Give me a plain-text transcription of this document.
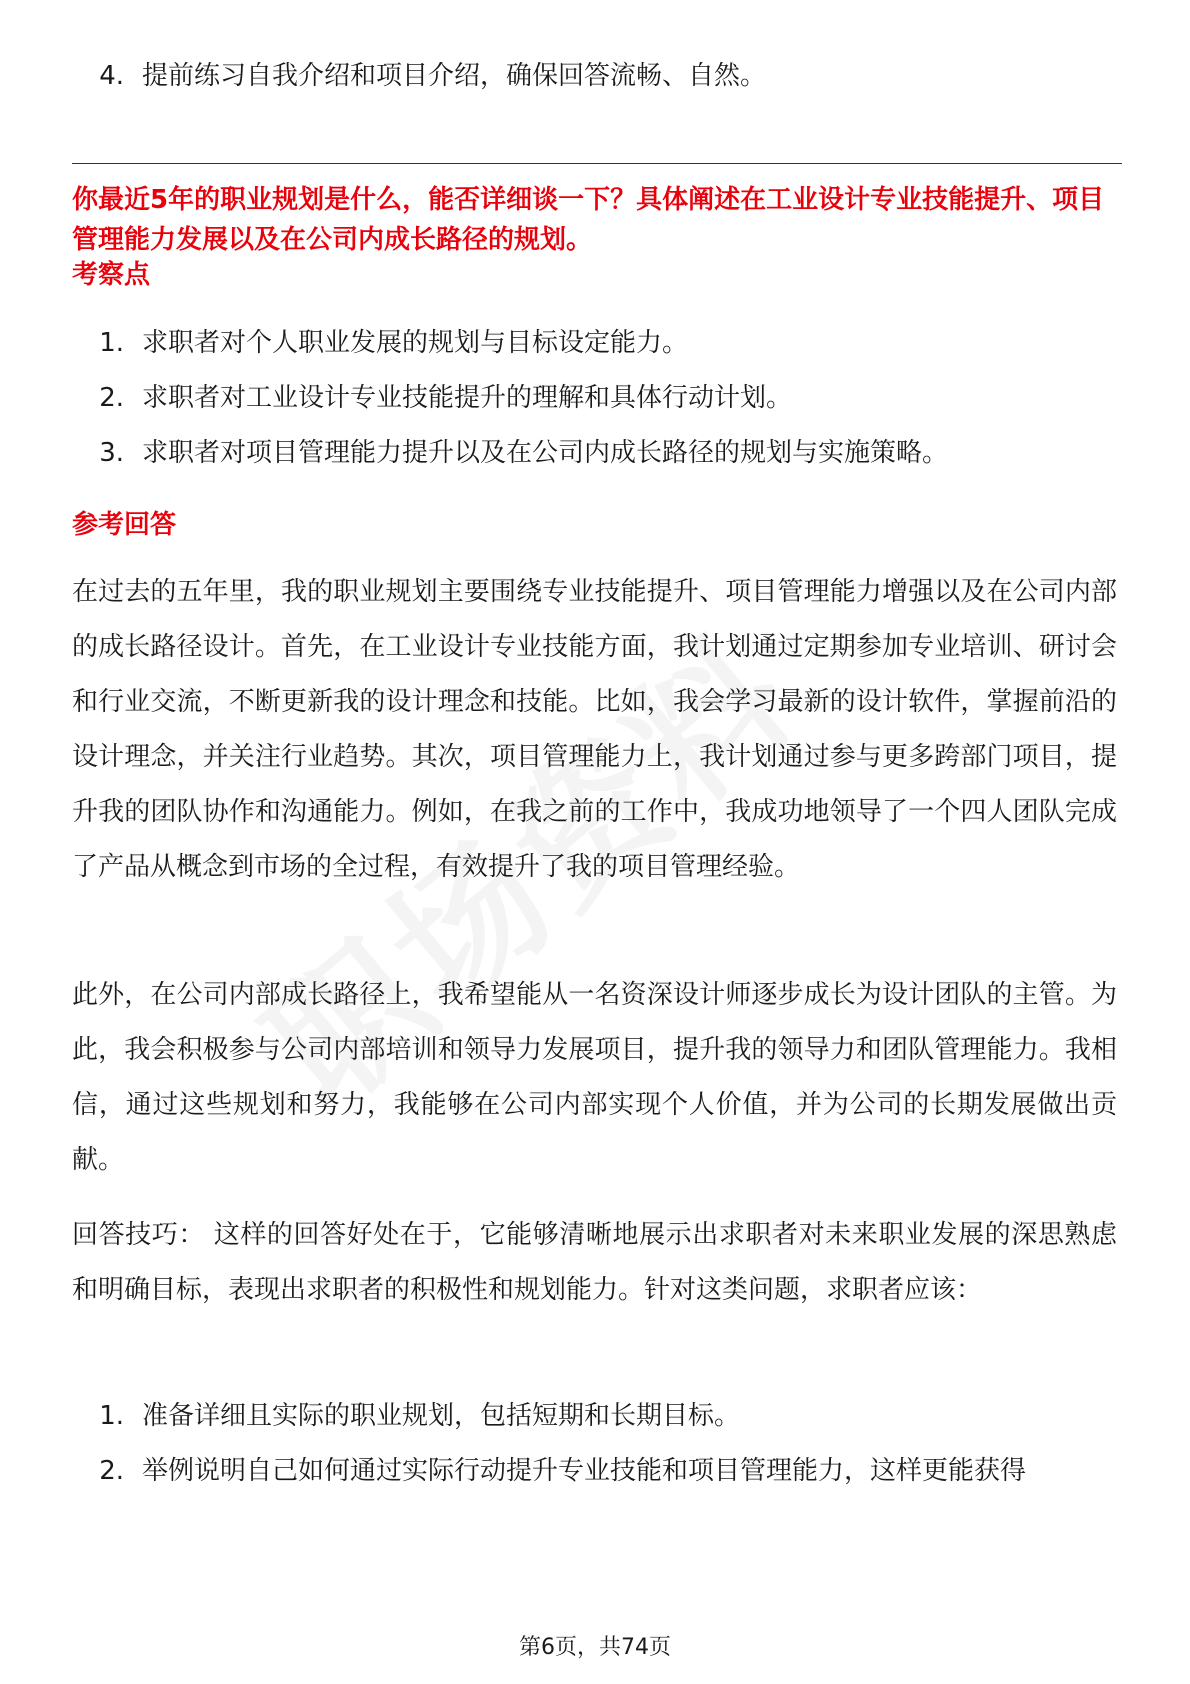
4. 提前练习自我介绍和项目介绍，确保回答流畅、自然。
你最近5年的职业规划是什么，能否详细谈一下？具体阐述在工业设计专业技能提升、项目管理能力发展以及在公司内成长路径的规划。
考察点
1. 求职者对个人职业发展的规划与目标设定能力。
2. 求职者对工业设计专业技能提升的理解和具体行动计划。
3. 求职者对项目管理能力提升以及在公司内成长路径的规划与实施策略。
参考回答
在过去的五年里，我的职业规划主要围绕专业技能提升、项目管理能力增强以及在公司内部的成长路径设计。首先，在工业设计专业技能方面，我计划通过定期参加专业培训、研讨会和行业交流，不断更新我的设计理念和技能。比如，我会学习最新的设计软件，掌握前沿的设计理念，并关注行业趋势。其次，项目管理能力上，我计划通过参与更多跨部门项目，提升我的团队协作和沟通能力。例如，在我之前的工作中，我成功地领导了一个四人团队完成了产品从概念到市场的全过程，有效提升了我的项目管理经验。
此外，在公司内部成长路径上，我希望能从一名资深设计师逐步成长为设计团队的主管。为此，我会积极参与公司内部培训和领导力发展项目，提升我的领导力和团队管理能力。我相信，通过这些规划和努力，我能够在公司内部实现个人价值，并为公司的长期发展做出贡献。
回答技巧： 这样的回答好处在于，它能够清晰地展示出求职者对未来职业发展的深思熟虑和明确目标，表现出求职者的积极性和规划能力。针对这类问题，求职者应该：
1. 准备详细且实际的职业规划，包括短期和长期目标。
2. 举例说明自己如何通过实际行动提升专业技能和项目管理能力，这样更能获得
第6页，共74页
